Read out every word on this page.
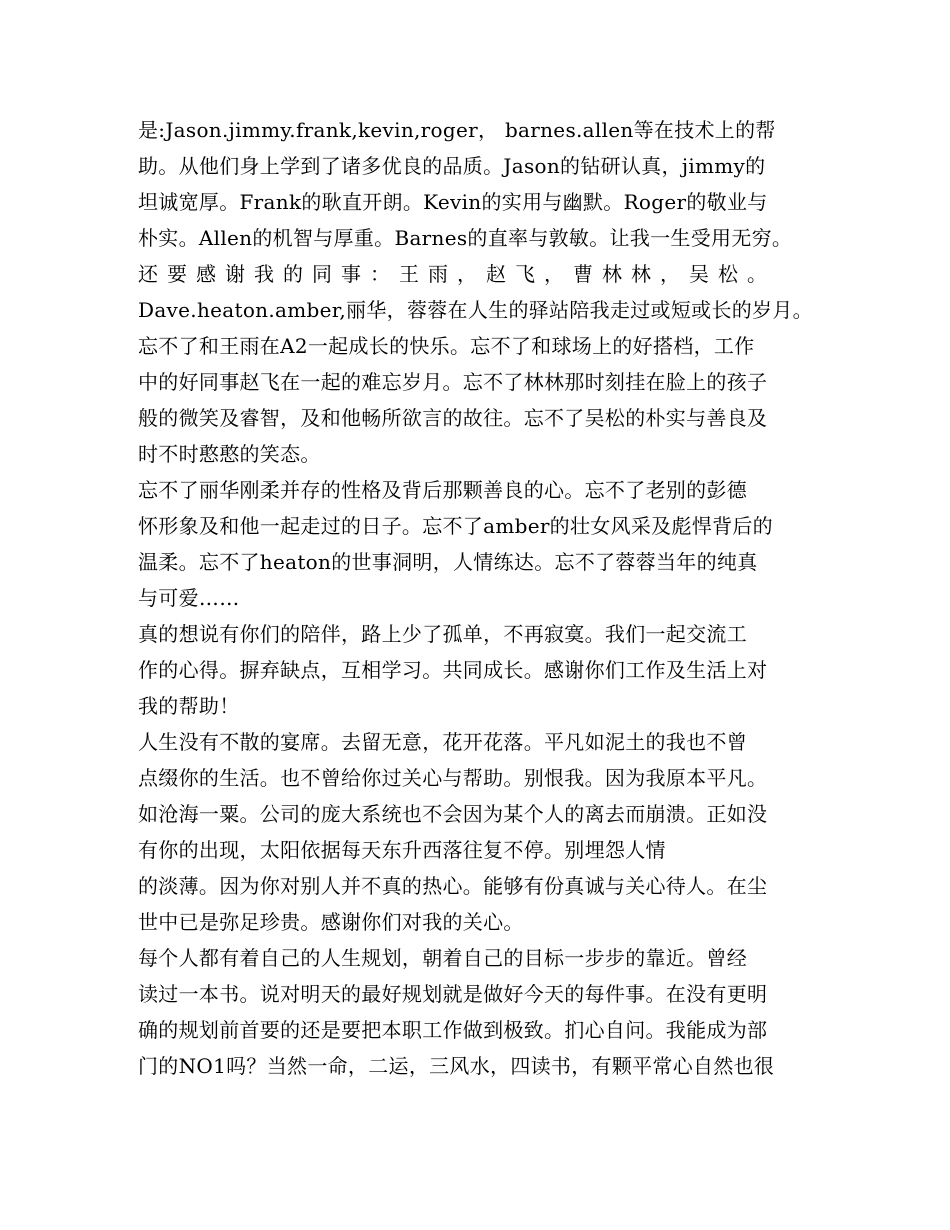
是:Jason.jimmy.frank,kevin,roger， barnes.allen等在技术上的帮
助。从他们身上学到了诸多优良的品质。Jason的钻研认真，jimmy的
坦诚宽厚。Frank的耿直开朗。Kevin的实用与幽默。Roger的敬业与
朴实。Allen的机智与厚重。Barnes的直率与敦敏。让我一生受用无穷。
还要感谢我的同事：王雨，赵飞，曹林林，吴松。
Dave.heaton.amber,丽华，蓉蓉在人生的驿站陪我走过或短或长的岁月。
忘不了和王雨在A2一起成长的快乐。忘不了和球场上的好搭档，工作
中的好同事赵飞在一起的难忘岁月。忘不了林林那时刻挂在脸上的孩子
般的微笑及睿智，及和他畅所欲言的故往。忘不了吴松的朴实与善良及
时不时憨憨的笑态。
忘不了丽华刚柔并存的性格及背后那颗善良的心。忘不了老别的彭德
怀形象及和他一起走过的日子。忘不了amber的壮女风采及彪悍背后的
温柔。忘不了heaton的世事洞明，人情练达。忘不了蓉蓉当年的纯真
与可爱……
真的想说有你们的陪伴，路上少了孤单，不再寂寞。我们一起交流工
作的心得。摒弃缺点，互相学习。共同成长。感谢你们工作及生活上对
我的帮助！
人生没有不散的宴席。去留无意，花开花落。平凡如泥土的我也不曾
点缀你的生活。也不曾给你过关心与帮助。别恨我。因为我原本平凡。
如沧海一粟。公司的庞大系统也不会因为某个人的离去而崩溃。正如没
有你的出现，太阳依据每天东升西落往复不停。别埋怨人情
的淡薄。因为你对别人并不真的热心。能够有份真诚与关心待人。在尘
世中已是弥足珍贵。感谢你们对我的关心。
每个人都有着自己的人生规划，朝着自己的目标一步步的靠近。曾经
读过一本书。说对明天的最好规划就是做好今天的每件事。在没有更明
确的规划前首要的还是要把本职工作做到极致。扪心自问。我能成为部
门的NO1吗？当然一命，二运，三风水，四读书，有颗平常心自然也很
